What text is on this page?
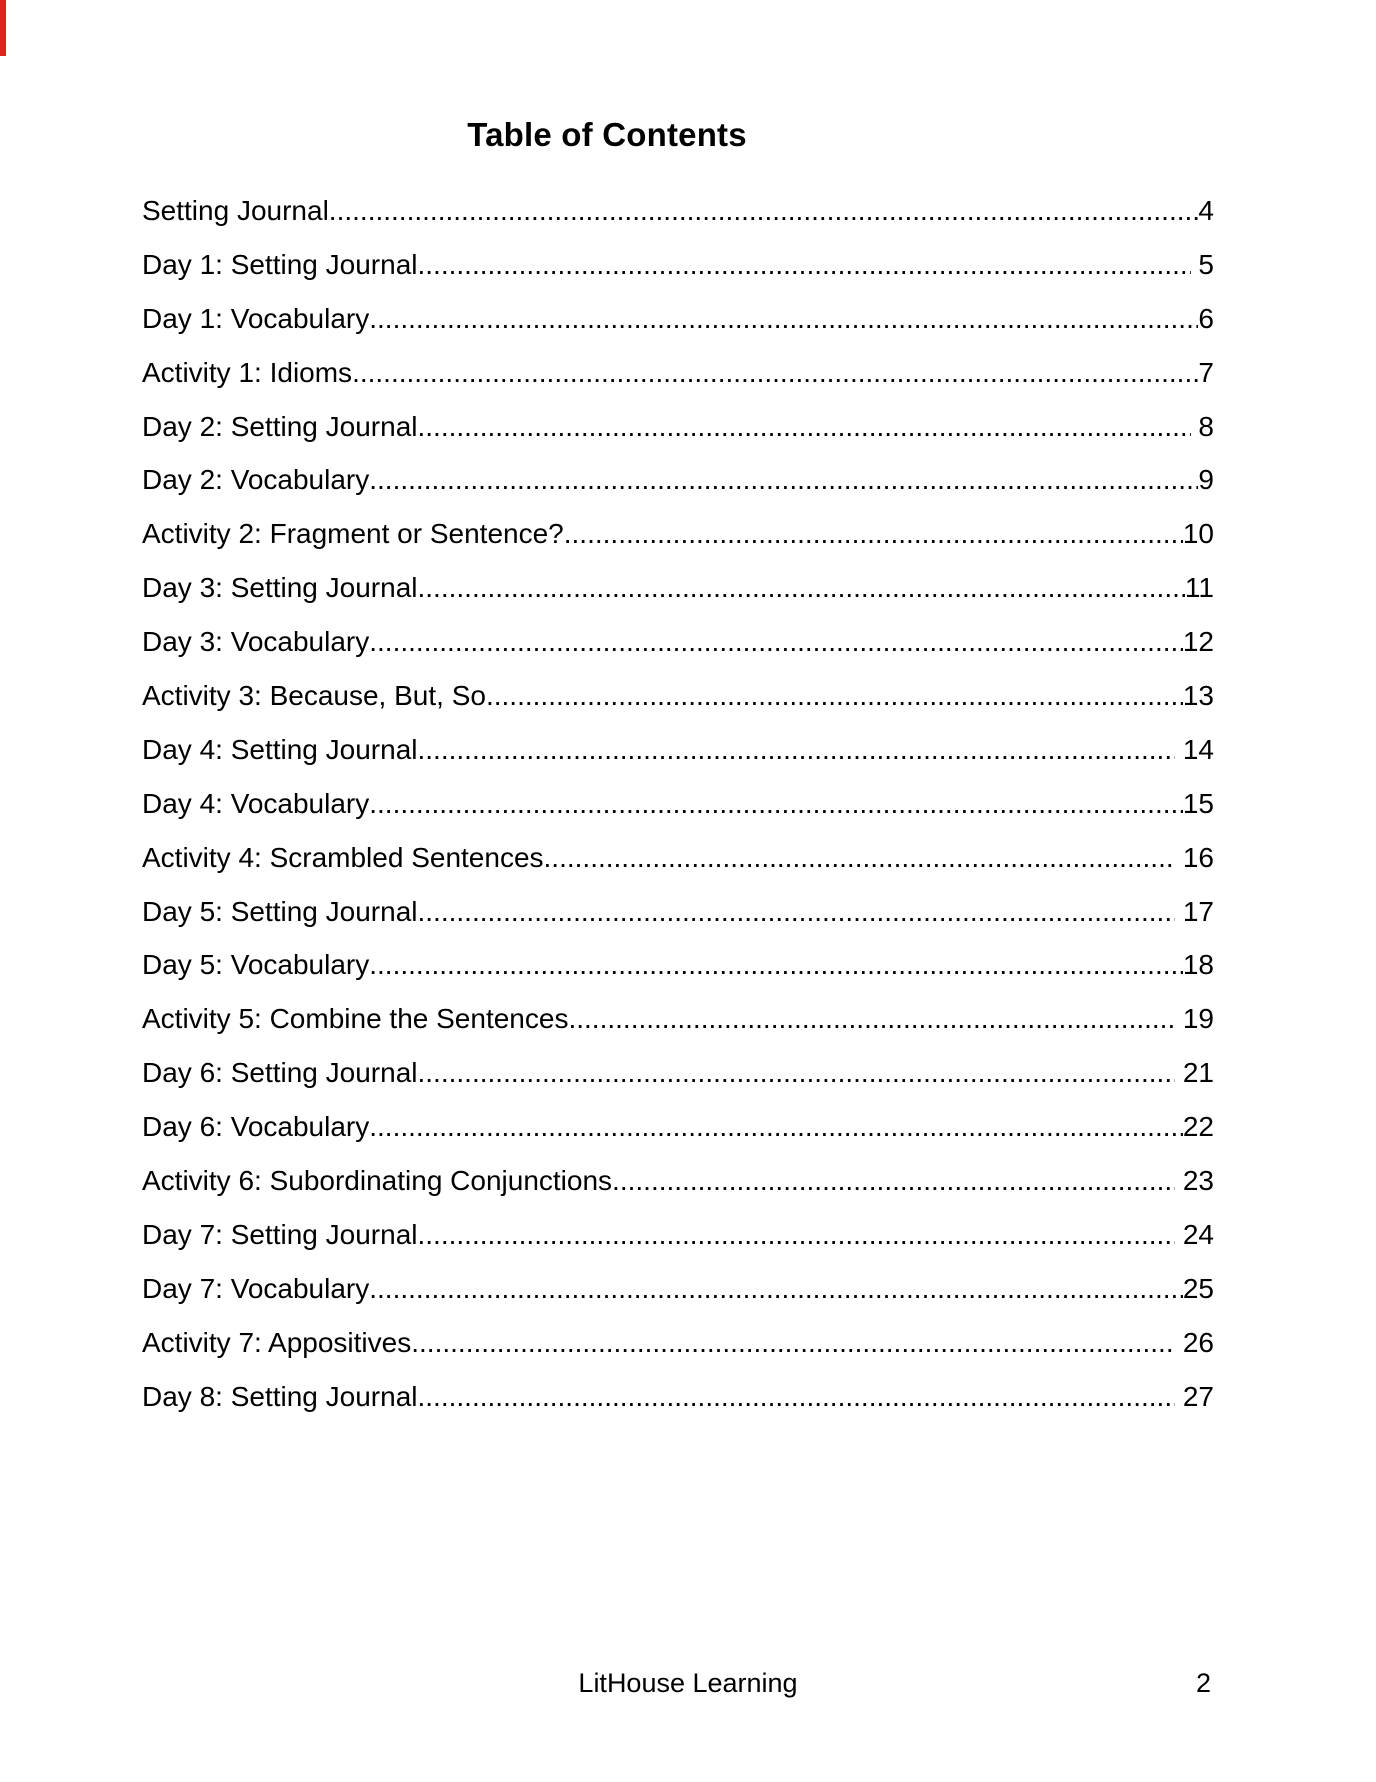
Table of Contents
Setting Journal .....	4
Day 1: Setting Journal .....	5
Day 1: Vocabulary .....	6
Activity 1: Idioms .....	7
Day 2: Setting Journal .....	8
Day 2: Vocabulary .....	9
Activity 2: Fragment or Sentence? .....	10
Day 3: Setting Journal .....	11
Day 3: Vocabulary .....	12
Activity 3: Because, But, So .....	13
Day 4: Setting Journal .....	14
Day 4: Vocabulary .....	15
Activity 4: Scrambled Sentences .....	16
Day 5: Setting Journal .....	17
Day 5: Vocabulary .....	18
Activity 5: Combine the Sentences .....	19
Day 6: Setting Journal .....	21
Day 6: Vocabulary .....	22
Activity 6: Subordinating Conjunctions .....	23
Day 7: Setting Journal .....	24
Day 7: Vocabulary .....	25
Activity 7: Appositives .....	26
Day 8: Setting Journal .....	27
LitHouse Learning	2
